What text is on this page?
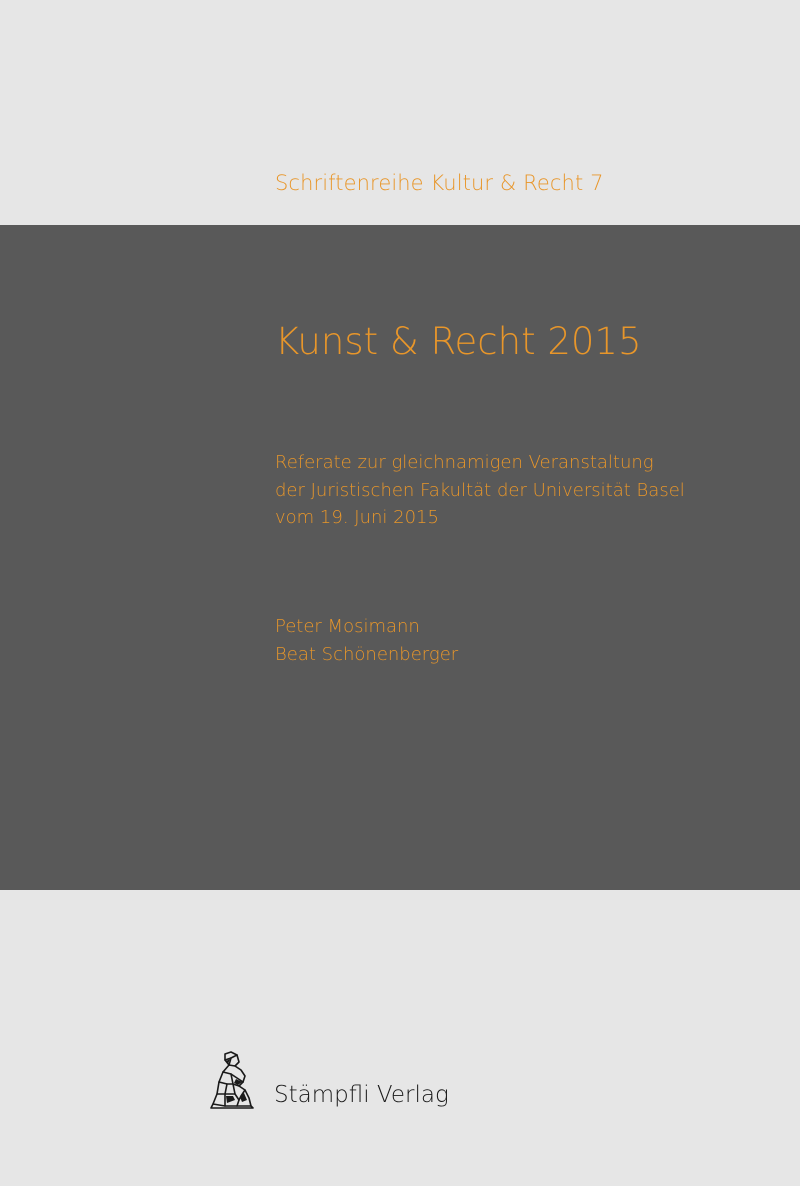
Schriftenreihe Kultur & Recht 7
Kunst & Recht 2015
Referate zur gleichnamigen Veranstaltung
der Juristischen Fakultät der Universität Basel
vom 19. Juni 2015
Peter Mosimann
Beat Schönenberger
Stämpfli Verlag
